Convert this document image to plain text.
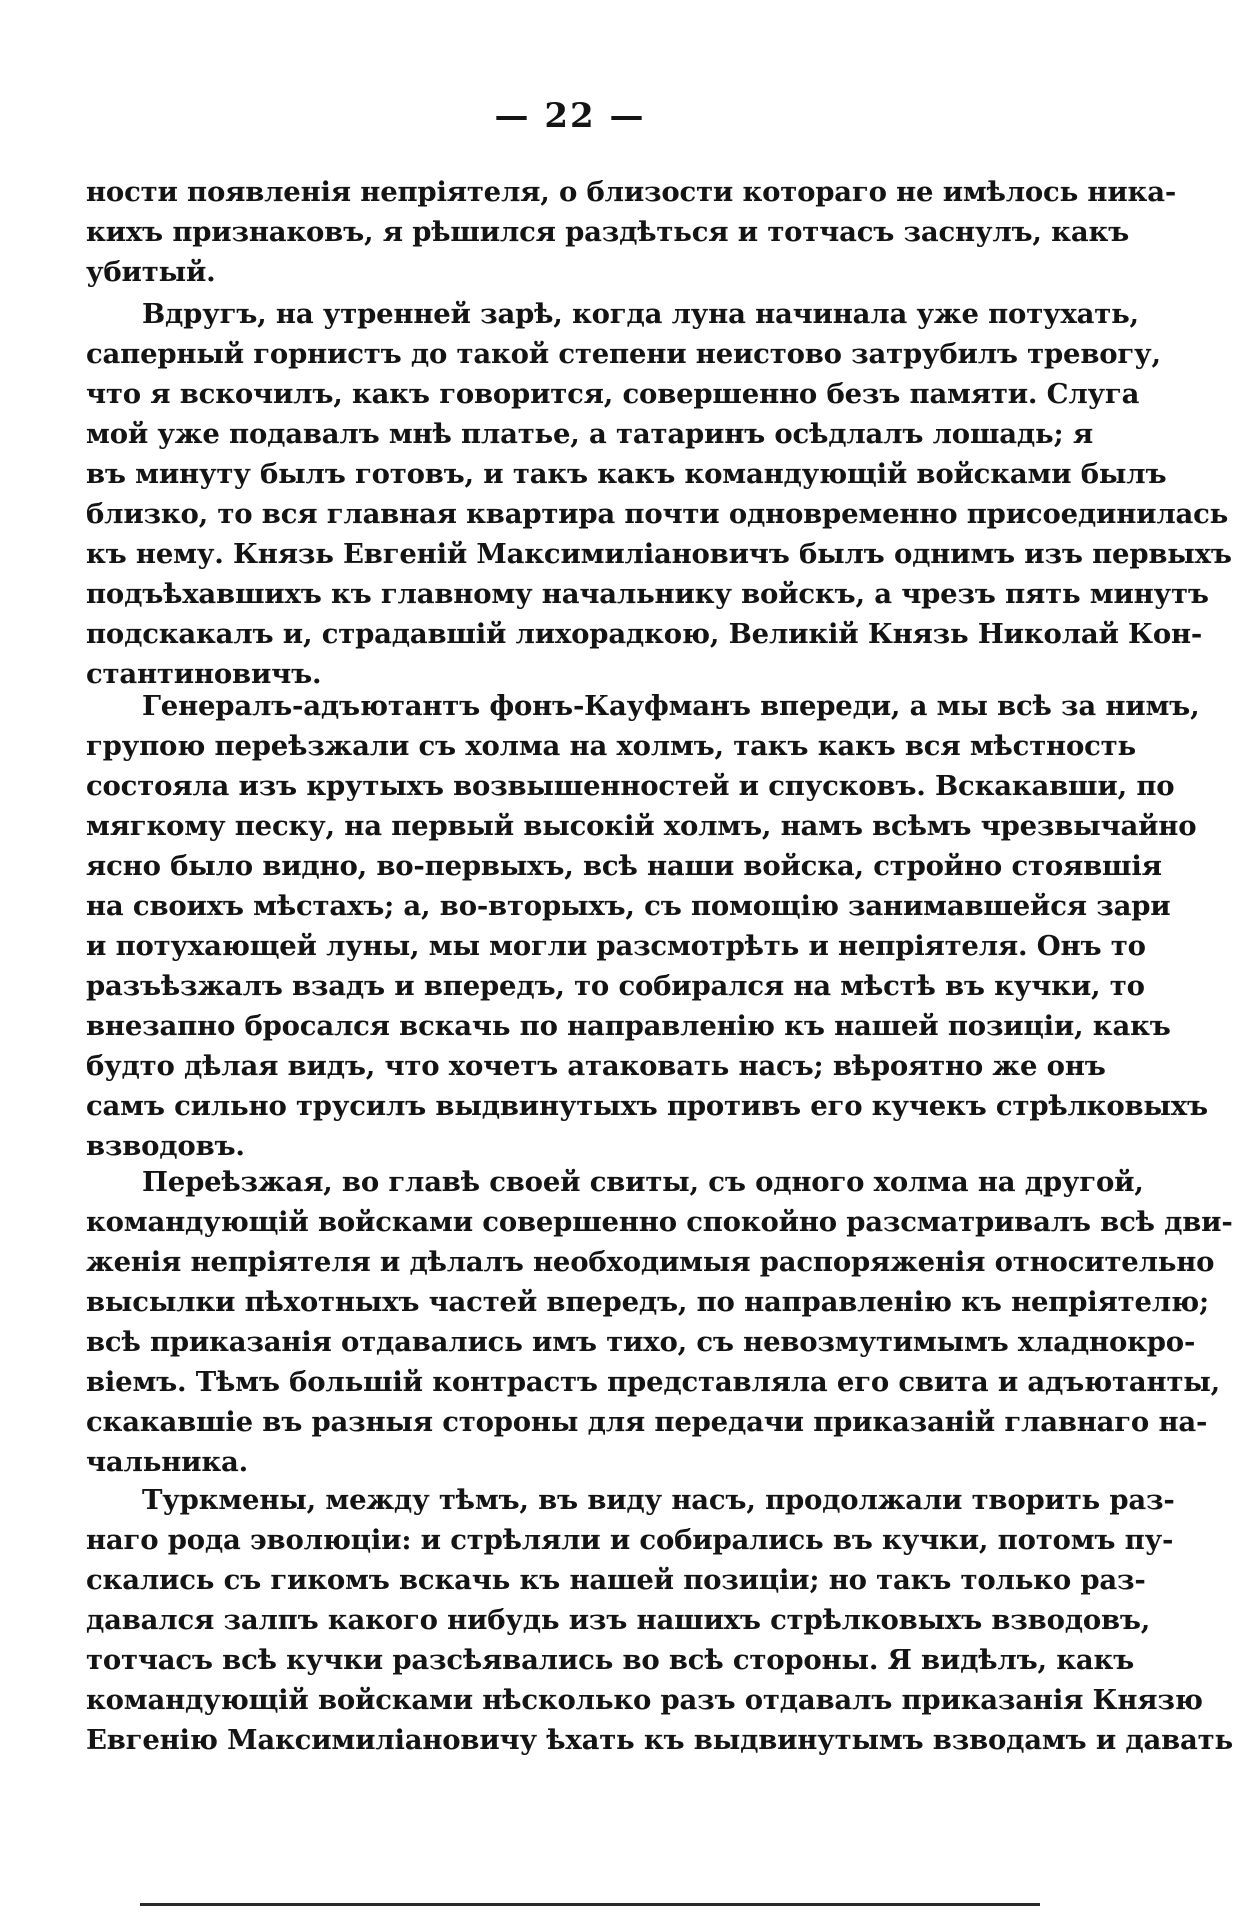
— 22 —
ности появленія непріятеля, о близости котораго не имѣлось никa-
кихъ признаковъ, я рѣшился раздѣться и тотчасъ заснулъ, какъ
убитый.
Вдругъ, на утренней зарѣ, когда луна начинала уже потухать,
саперный горнистъ до такой степени неистово затрубилъ тревогу,
что я вскочилъ, какъ говорится, совершенно безъ памяти. Слуга
мой уже подавалъ мнѣ платье, а татаринъ осѣдлалъ лошадь; я
въ минуту былъ готовъ, и такъ какъ командующій войсками былъ
близко, то вся главная квартира почти одновременно присоединилась
къ нему. Князь Евгеній Максимиліановичъ былъ однимъ изъ первыхъ
подъѣхавшихъ къ главному начальнику войскъ, а чрезъ пять минутъ
подскакалъ и, страдавшій лихорадкою, Великій Князь Николай Кон-
стантиновичъ.
Генералъ-адъютантъ фонъ-Кауфманъ впереди, а мы всѣ за нимъ,
групою переѣзжали съ холма на холмъ, такъ какъ вся мѣстность
состояла изъ крутыхъ возвышенностей и спусковъ. Вскакавши, по
мягкому песку, на первый высокій холмъ, намъ всѣмъ чрезвычайно
ясно было видно, во-первыхъ, всѣ наши войска, стройно стоявшія
на своихъ мѣстахъ; а, во-вторыхъ, съ помощію занимавшейся зари
и потухающей луны, мы могли разсмотрѣть и непріятеля. Онъ то
разъѣзжалъ взадъ и впередъ, то собирался на мѣстѣ въ кучки, то
внезапно бросался вскачь по направленію къ нашей позиціи, какъ
будто дѣлая видъ, что хочетъ атаковать насъ; вѣроятно же онъ
самъ сильно трусилъ выдвинутыхъ противъ его кучекъ стрѣлковыхъ
взводовъ.
Переѣзжая, во главѣ своей свиты, съ одного холма на другой,
командующій войсками совершенно спокойно разсматривалъ всѣ дви-
женія непріятеля и дѣлалъ необходимыя распоряженія относительно
высылки пѣхотныхъ частей впередъ, по направленію къ непріятелю;
всѣ приказанія отдавались имъ тихо, съ невозмутимымъ хладнокро-
віемъ. Тѣмъ большій контрастъ представляла его свита и адъютанты,
скакавшіе въ разныя стороны для передачи приказаній главнаго на-
чальника.
Туркмены, между тѣмъ, въ виду насъ, продолжали творить раз-
наго рода эволюціи: и стрѣляли и собирались въ кучки, потомъ пу-
скались съ гикомъ вскачь къ нашей позиціи; но такъ только раз-
давался залпъ какого нибудь изъ нашихъ стрѣлковыхъ взводовъ,
тотчасъ всѣ кучки разсѣявались во всѣ стороны. Я видѣлъ, какъ
командующій войсками нѣсколько разъ отдавалъ приказанія Князю
Евгенію Максимиліановичу ѣхать къ выдвинутымъ взводамъ и давать
